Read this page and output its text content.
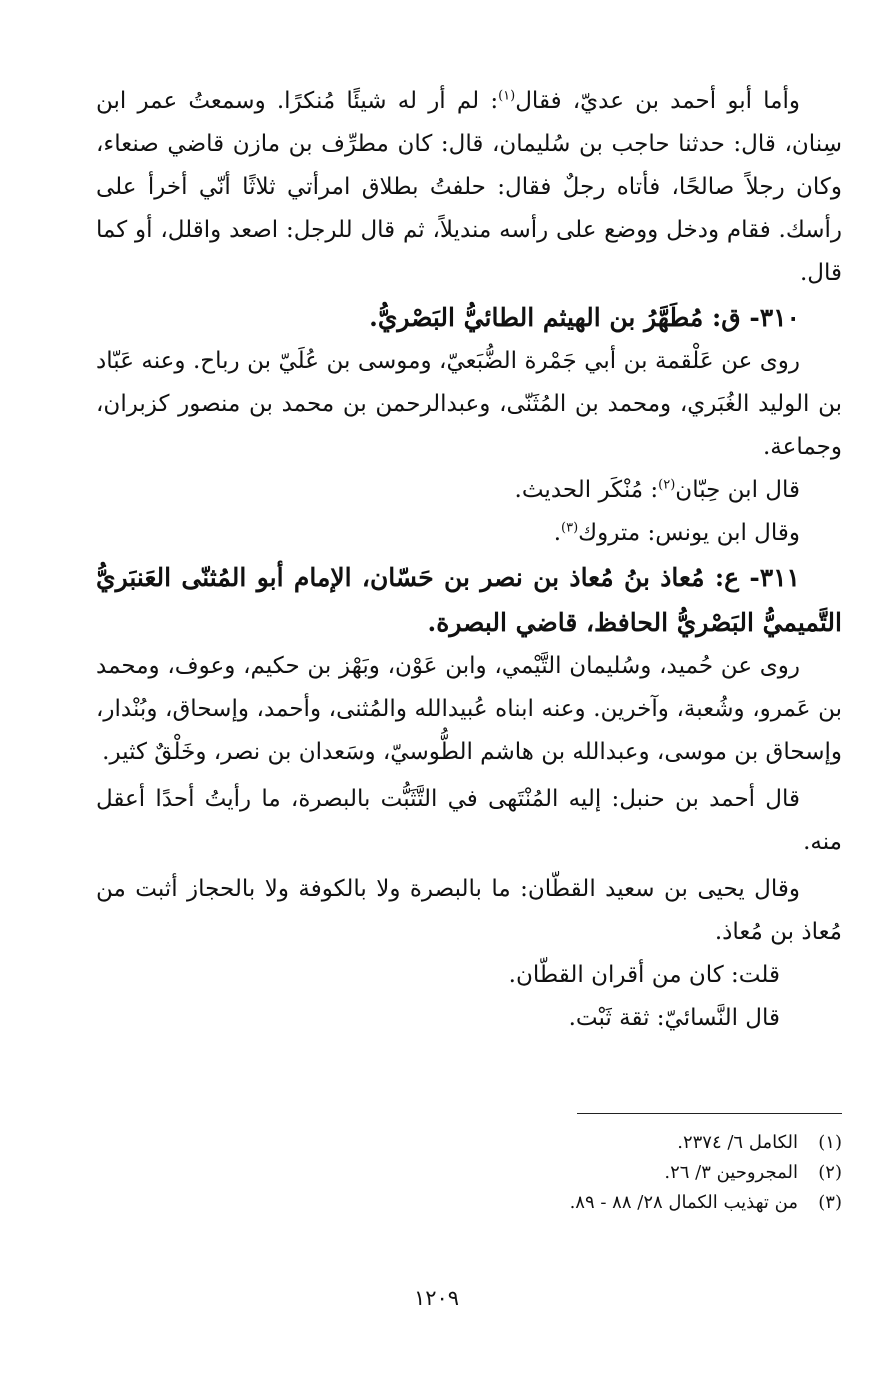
وأما أبو أحمد بن عديّ، فقال$^{(١)}$: لم أر له شيئًا مُنكرًا. وسمعتُ عمر ابن سِنان، قال: حدثنا حاجب بن سُليمان، قال: كان مطرِّف بن مازن قاضي صنعاء، وكان رجلاً صالحًا، فأتاه رجلٌ فقال: حلفتُ بطلاق امرأتي ثلاثًا أنّي أخرأ على رأسك. فقام ودخل ووضع على رأسه منديلاً، ثم قال للرجل: اصعد واقلل، أو كما قال.

٣١٠- ق: مُطَهَّرُ بن الهيثم الطائيُّ البَصْريُّ.

روى عن عَلْقمة بن أبي جَمْرة الضُّبَعيّ، وموسى بن عُلَيّ بن رباح. وعنه عَبّاد بن الوليد الغُبَري، ومحمد بن المُثَنّى، وعبدالرحمن بن محمد بن منصور كزبران، وجماعة.

قال ابن حِبّان$^{(٢)}$: مُنْكَر الحديث.

وقال ابن يونس: متروك$^{(٣)}$.

٣١١- ع: مُعاذ بنُ مُعاذ بن نصر بن حَسّان، الإمام أبو المُثنّى العَنبَريُّ التَّميميُّ البَصْريُّ الحافظ، قاضي البصرة.

روى عن حُميد، وسُليمان التَّيْمي، وابن عَوْن، وبَهْز بن حكيم، وعوف، ومحمد بن عَمرو، وشُعبة، وآخرين. وعنه ابناه عُبيدالله والمُثنى، وأحمد، وإسحاق، وبُنْدار، وإسحاق بن موسى، وعبدالله بن هاشم الطُّوسيّ، وسَعدان بن نصر، وخَلْقٌ كثير.

قال أحمد بن حنبل: إليه المُنْتَهى في التَّثَبُّت بالبصرة، ما رأيتُ أحدًا أعقل منه.

وقال يحيى بن سعيد القطّان: ما بالبصرة ولا بالكوفة ولا بالحجاز أثبت من مُعاذ بن مُعاذ.

قلت: كان من أقران القطّان.

قال النَّسائيّ: ثقة ثَبْت.

(١)
الكامل ٦/ ٢٣٧٤.
(٢)
المجروحين ٣/ ٢٦.
(٣)
من تهذيب الكمال ٢٨/ ٨٨ - ٨٩.
١٢٠٩
